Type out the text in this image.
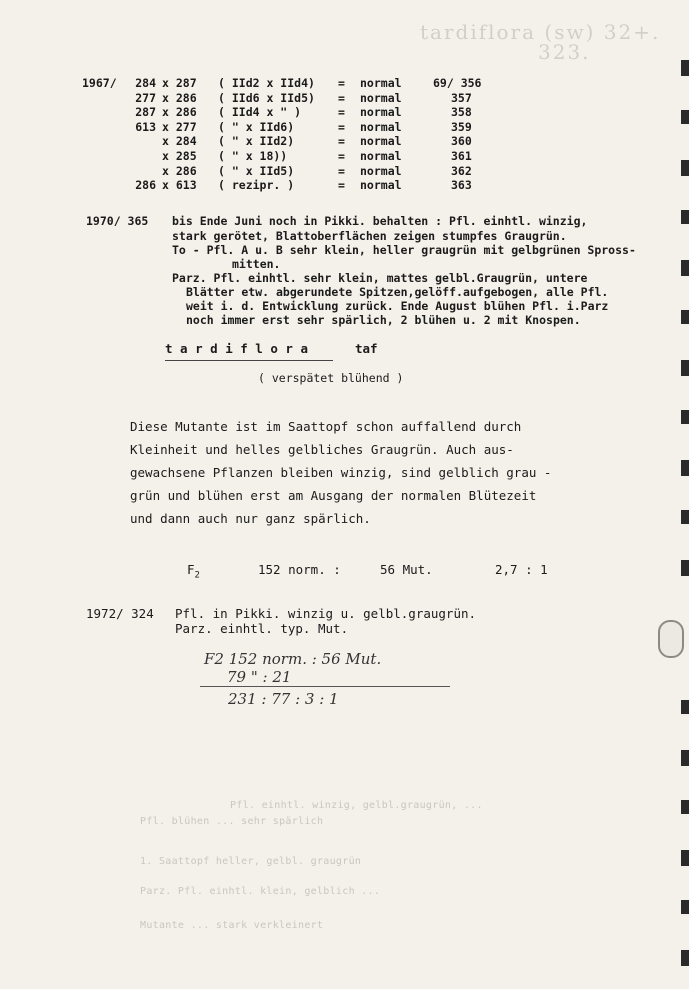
tardiflora (sw) 32+.
323.
Pfl. einhtl. winzig, gelbl.graugrün, ...
Pfl. blühen ... sehr spärlich
1. Saattopf heller, gelbl. graugrün
Parz. Pfl. einhtl. klein, gelblich ...
Mutante ... stark verkleinert
1967/	284 x 287 ( IId2 x IId4) = normal	69/ 356
277 x 286 ( IId6 x IId5) = normal	357
287 x 286 ( IId4 x " )	= normal	358
613 x 277 ( " x IId6)	= normal	359
x 284 ( " x IId2)	= normal	360
x 285 ( " x 18))	= normal	361
x 286 ( " x IId5)	= normal	362
286 x 613 ( rezipr. )	= normal	363
1970/ 365 bis Ende Juni noch in Pikki. behalten : Pfl. einhtl. winzig,
stark gerötet, Blattoberflächen zeigen stumpfes Graugrün.
To - Pfl. A u. B sehr klein, heller graugrün mit gelbgrünen Spross-
mitten.
Parz. Pfl. einhtl. sehr klein, mattes gelbl.Graugrün, untere
Blätter etw. abgerundete Spitzen,gelöff.aufgebogen, alle Pfl.
weit i. d. Entwicklung zurück. Ende August blühen Pfl. i.Parz
noch immer erst sehr spärlich, 2 blühen u. 2 mit Knospen.
t a r d i f l o r a	taf
( verspätet blühend )
Diese Mutante ist im Saattopf schon auffallend durch
Kleinheit und helles gelbliches Graugrün. Auch aus-
gewachsene Pflanzen bleiben winzig, sind gelblich grau -
grün und blühen erst am Ausgang der normalen Blütezeit
und dann auch nur ganz spärlich.
$F_2$	152 norm. :	56 Mut.	2,7 : 1
1972/ 324 Pfl. in Pikki. winzig u. gelbl.graugrün.
Parz. einhtl. typ. Mut.
F2 152 norm. : 56 Mut.
79 " : 21
231 : 77 : 3 : 1
